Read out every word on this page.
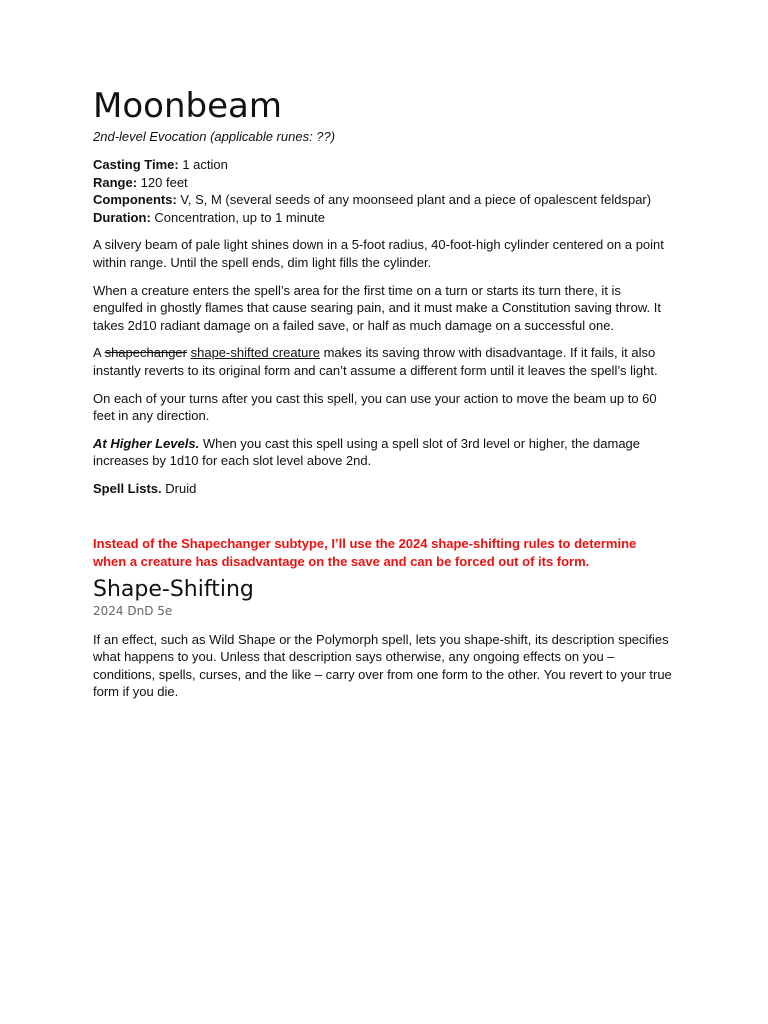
Moonbeam
2nd-level Evocation (applicable runes: ??)
Casting Time: 1 action
Range: 120 feet
Components: V, S, M (several seeds of any moonseed plant and a piece of opalescent feldspar)
Duration: Concentration, up to 1 minute

A silvery beam of pale light shines down in a 5-foot radius, 40-foot-high cylinder centered on a point within range. Until the spell ends, dim light fills the cylinder.

When a creature enters the spell’s area for the first time on a turn or starts its turn there, it is engulfed in ghostly flames that cause searing pain, and it must make a Constitution saving throw. It takes 2d10 radiant damage on a failed save, or half as much damage on a successful one.

A shapechanger shape-shifted creature makes its saving throw with disadvantage. If it fails, it also instantly reverts to its original form and can’t assume a different form until it leaves the spell’s light.

On each of your turns after you cast this spell, you can use your action to move the beam up to 60 feet in any direction.

At Higher Levels. When you cast this spell using a spell slot of 3rd level or higher, the damage increases by 1d10 for each slot level above 2nd.

Spell Lists. Druid

Instead of the Shapechanger subtype, I’ll use the 2024 shape-shifting rules to determine when a creature has disadvantage on the save and can be forced out of its form.
Shape-Shifting
2024 DnD 5e

If an effect, such as Wild Shape or the Polymorph spell, lets you shape-shift, its description specifies what happens to you. Unless that description says otherwise, any ongoing effects on you – conditions, spells, curses, and the like – carry over from one form to the other. You revert to your true form if you die.
